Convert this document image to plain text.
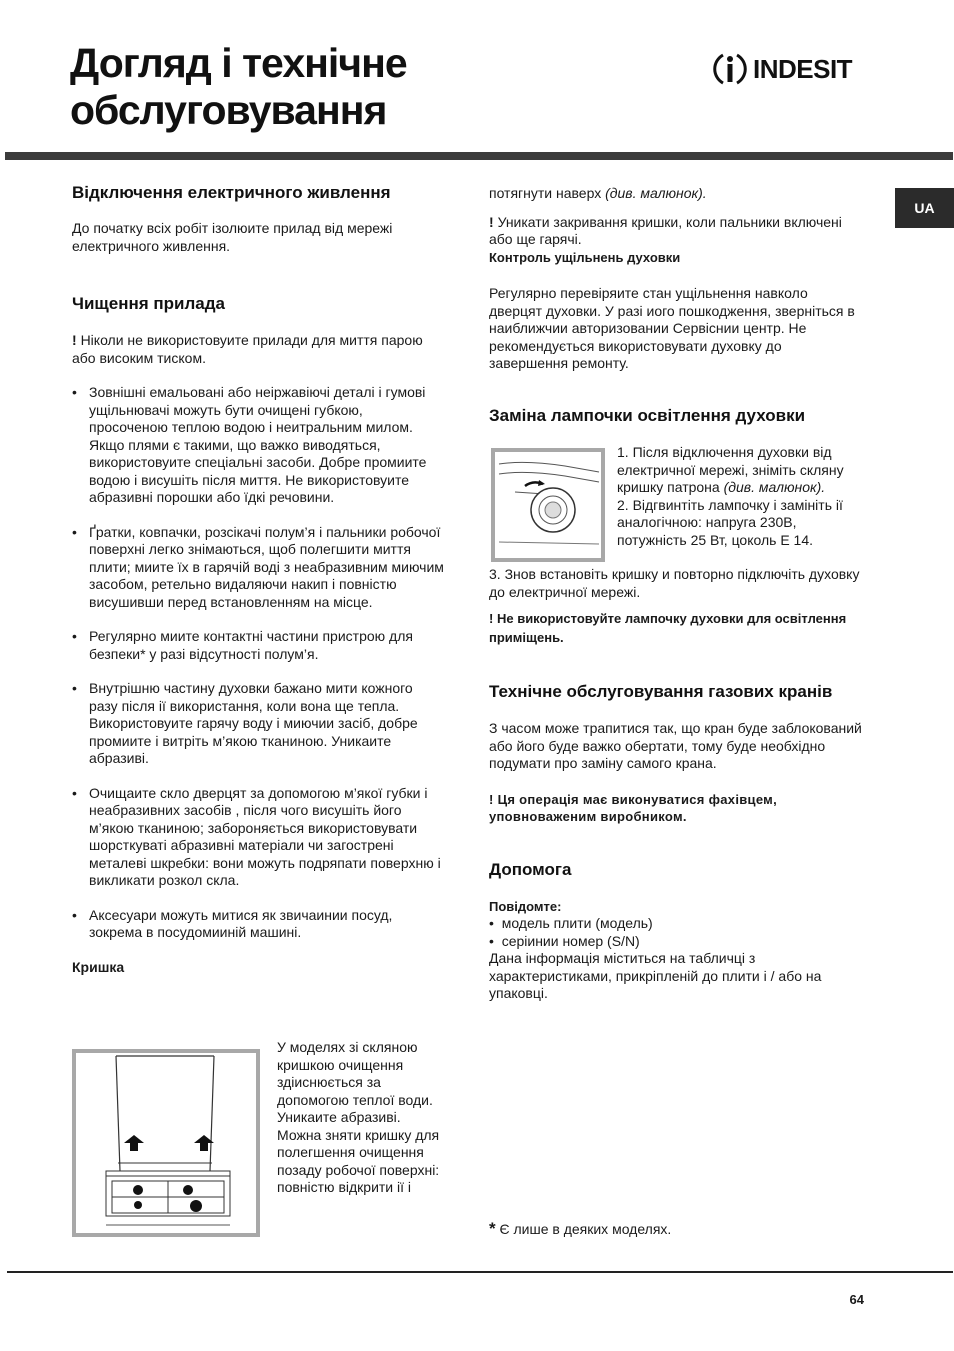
Догляд і технічне
обслуговування
INDESIT
UA
Відключення електричного живлення

До початку всіх робіт ізолюите прилад від мережі електричного живлення.

Чищення прилада

! Ніколи не використовуите прилади для миття парою або високим тиском.

• Зовнішні емальовані або неіржавіючі деталі і гумові ущільнювачі можуть бути очищені губкою, просоченою теплою водою і неитральним милом. Якщо плями є такими, що важко виводяться, використовуите спеціальні засоби. Добре промиите водою і висушіть після миття. Не використовуите абразивні порошки або їдкі речовини.

• Ґратки, ковпачки, розсікачі полум’я і пальники робочої поверхні легко знімаються, щоб полегшити миття плити; миите їх в гарячій воді з неабразивним миючим засобом, ретельно видаляючи накип і повністю висушивши перед встановленням на місце.

• Регулярно миите контактні частини пристрою для безпеки* у разі відсутності полум’я.

• Внутрішню частину духовки бажано мити кожного разу після ії використання, коли вона ще тепла. Використовуите гарячу воду і миючии засіб, добре промиите і витріть м’якою тканиною. Уникаите абразиві.

• Очищаите скло дверцят за допомогою м’якої губки і неабразивних засобів , після чого висушіть його м’якою тканиною; забороняється використовувати шорсткуваті абразивні матеріали чи загострені металеві шкребки: вони можуть подряпати поверхню і викликати розкол скла.

• Аксесуари можуть митися як звичаинии посуд, зокрема в посудомииній машині.

Кришка

У моделях зі скляною кришкою очищення здіиснюється за допомогою теплої води. Уникаите абразиві.

Можна зняти кришку для полегшення очищення позаду робочої поверхні: повністю відкрити ії і

потягнути наверх (див. малюнок).

! Уникати закривання кришки, коли пальники включені або ще гарячі.

Контроль ущільнень духовки

Регулярно перевіряите стан ущільнення навколо дверцят духовки. У разі иого пошкодження, зверніться в наиближчии авторизовании Сервіснии центр. Не рекомендується використовувати духовку до завершення ремонту.

Заміна лампочки освітлення духовки

1. Після відключення духовки від електричної мережі, зніміть скляну кришку патрона (див. малюнок).

2. Відгвинтіть лампочку і замініть ії аналогічною: напруга 230В, потужність 25 Вт, цоколь E 14.

3. Знов встановіть кришку и повторно підключіть духовку до електричної мережі.

! Не використовуйте лампочку духовки для освітлення приміщень.

Технічне обслуговування газових кранів

З часом може трапитися так, що кран буде заблокований або його буде важко обертати, тому буде необхідно подумати про заміну самого крана.

! Ця операція має виконуватися фахівцем, уповноваженим виробником.

Допомога

Повідомте:

•  модель плити (модель)

•  серіинии номер (S/N)

Дана інформація міститься на табличці з характеристиками, прикріпленій до плити і / або на упаковці.

* Є лише в деяких моделях.
64
